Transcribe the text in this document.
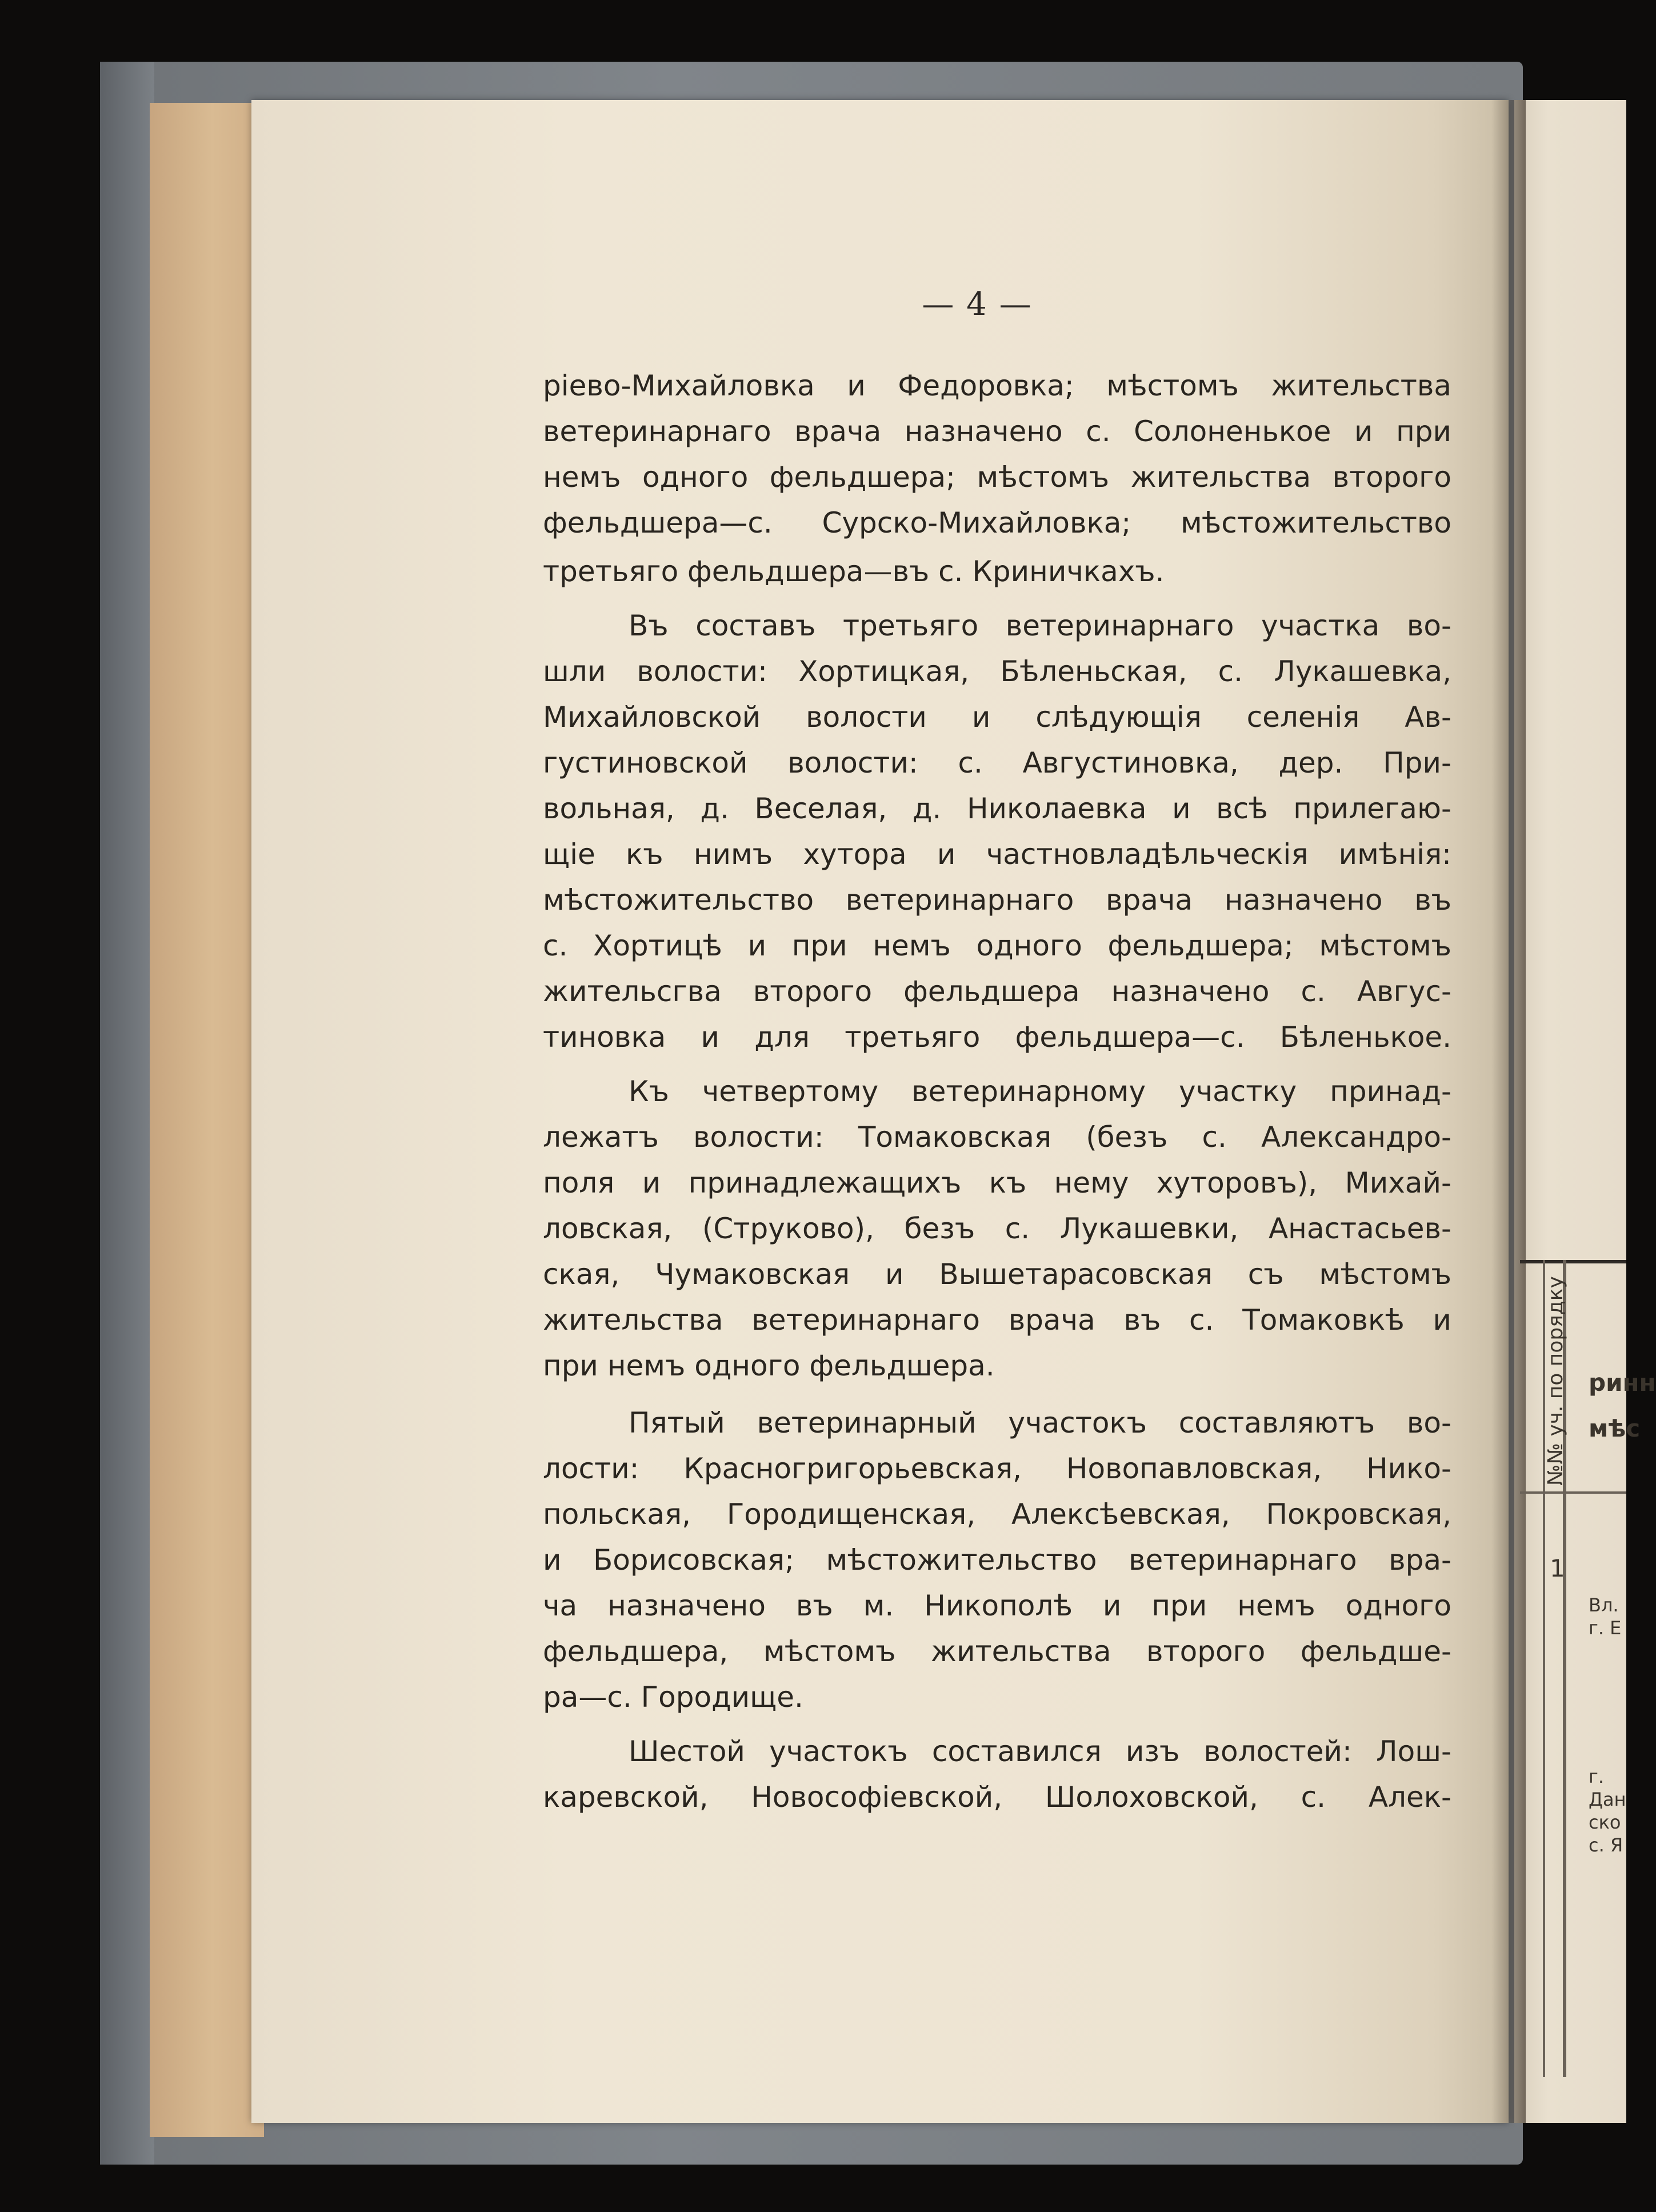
— 4 —
ріево-Михайловка и Федоровка; мѣстомъ жительства
ветеринарнаго врача назначено с. Солоненькое и при
немъ одного фельдшера; мѣстомъ жительства второго
фельдшера—с. Сурско-Михайловка; мѣстожительство
третьяго фельдшера—въ с. Криничкахъ.
Въ составъ третьяго ветеринарнаго участка во-
шли волости: Хортицкая, Бѣленьская, с. Лукашевка,
Михайловской волости и слѣдующія селенія Ав-
густиновской волости: с. Августиновка, дер. При-
вольная, д. Веселая, д. Николаевка и всѣ прилегаю-
щіе къ нимъ хутора и частновладѣльческія имѣнія:
мѣстожительство ветеринарнаго врача назначено въ
с. Хортицѣ и при немъ одного фельдшера; мѣстомъ
жительсгва второго фельдшера назначено с. Авгус-
тиновка и для третьяго фельдшера—с. Бѣленькое.
Къ четвертому ветеринарному участку принад-
лежатъ волости: Томаковская (безъ с. Александро-
поля и принадлежащихъ къ нему хуторовъ), Михай-
ловская, (Струково), безъ с. Лукашевки, Анастасьев-
ская, Чумаковская и Вышетарасовская съ мѣстомъ
жительства ветеринарнаго врача въ с. Томаковкѣ и
при немъ одного фельдшера.
Пятый ветеринарный участокъ составляютъ во-
лости: Красногригорьевская, Новопавловская, Нико-
польская, Городищенская, Алексѣевская, Покровская,
и Борисовская; мѣстожительство ветеринарнаго вра-
ча назначено въ м. Никополѣ и при немъ одного
фельдшера, мѣстомъ жительства второго фельдше-
ра—с. Городище.
Шестой участокъ составился изъ волостей: Лош-
каревской, Новософіевской, Шолоховской, с. Алек-
№№ уч. по порядку
1
ринн
мѣс
Вл.
г. Е
г.
Дан
ско
с. Я
